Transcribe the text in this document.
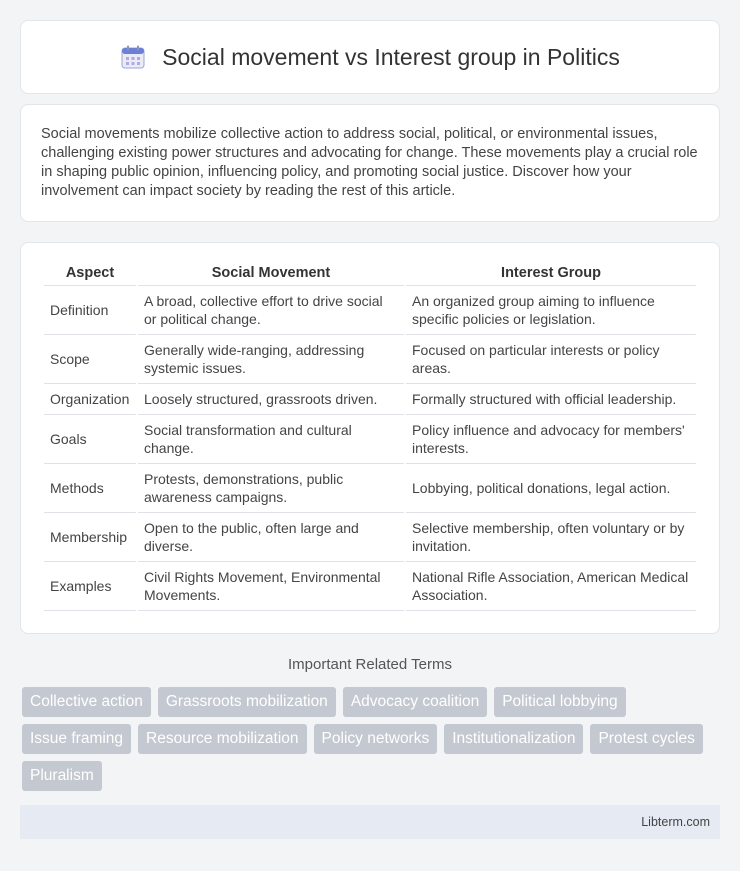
Social movement vs Interest group in Politics

Social movements mobilize collective action to address social, political, or environmental issues, challenging existing power structures and advocating for change. These movements play a crucial role in shaping public opinion, influencing policy, and promoting social justice. Discover how your involvement can impact society by reading the rest of this article.

Aspect	Social Movement	Interest Group
Definition	A broad, collective effort to drive social or political change.	An organized group aiming to influence specific policies or legislation.
Scope	Generally wide-ranging, addressing systemic issues.	Focused on particular interests or policy areas.
Organization	Loosely structured, grassroots driven.	Formally structured with official leadership.
Goals	Social transformation and cultural change.	Policy influence and advocacy for members' interests.
Methods	Protests, demonstrations, public awareness campaigns.	Lobbying, political donations, legal action.
Membership	Open to the public, often large and diverse.	Selective membership, often voluntary or by invitation.
Examples	Civil Rights Movement, Environmental Movements.	National Rifle Association, American Medical Association.
Important Related Terms
Collective action	Grassroots mobilization	Advocacy coalition	Political lobbying
Issue framing	Resource mobilization	Policy networks	Institutionalization	Protest cycles
Pluralism
Libterm.com
